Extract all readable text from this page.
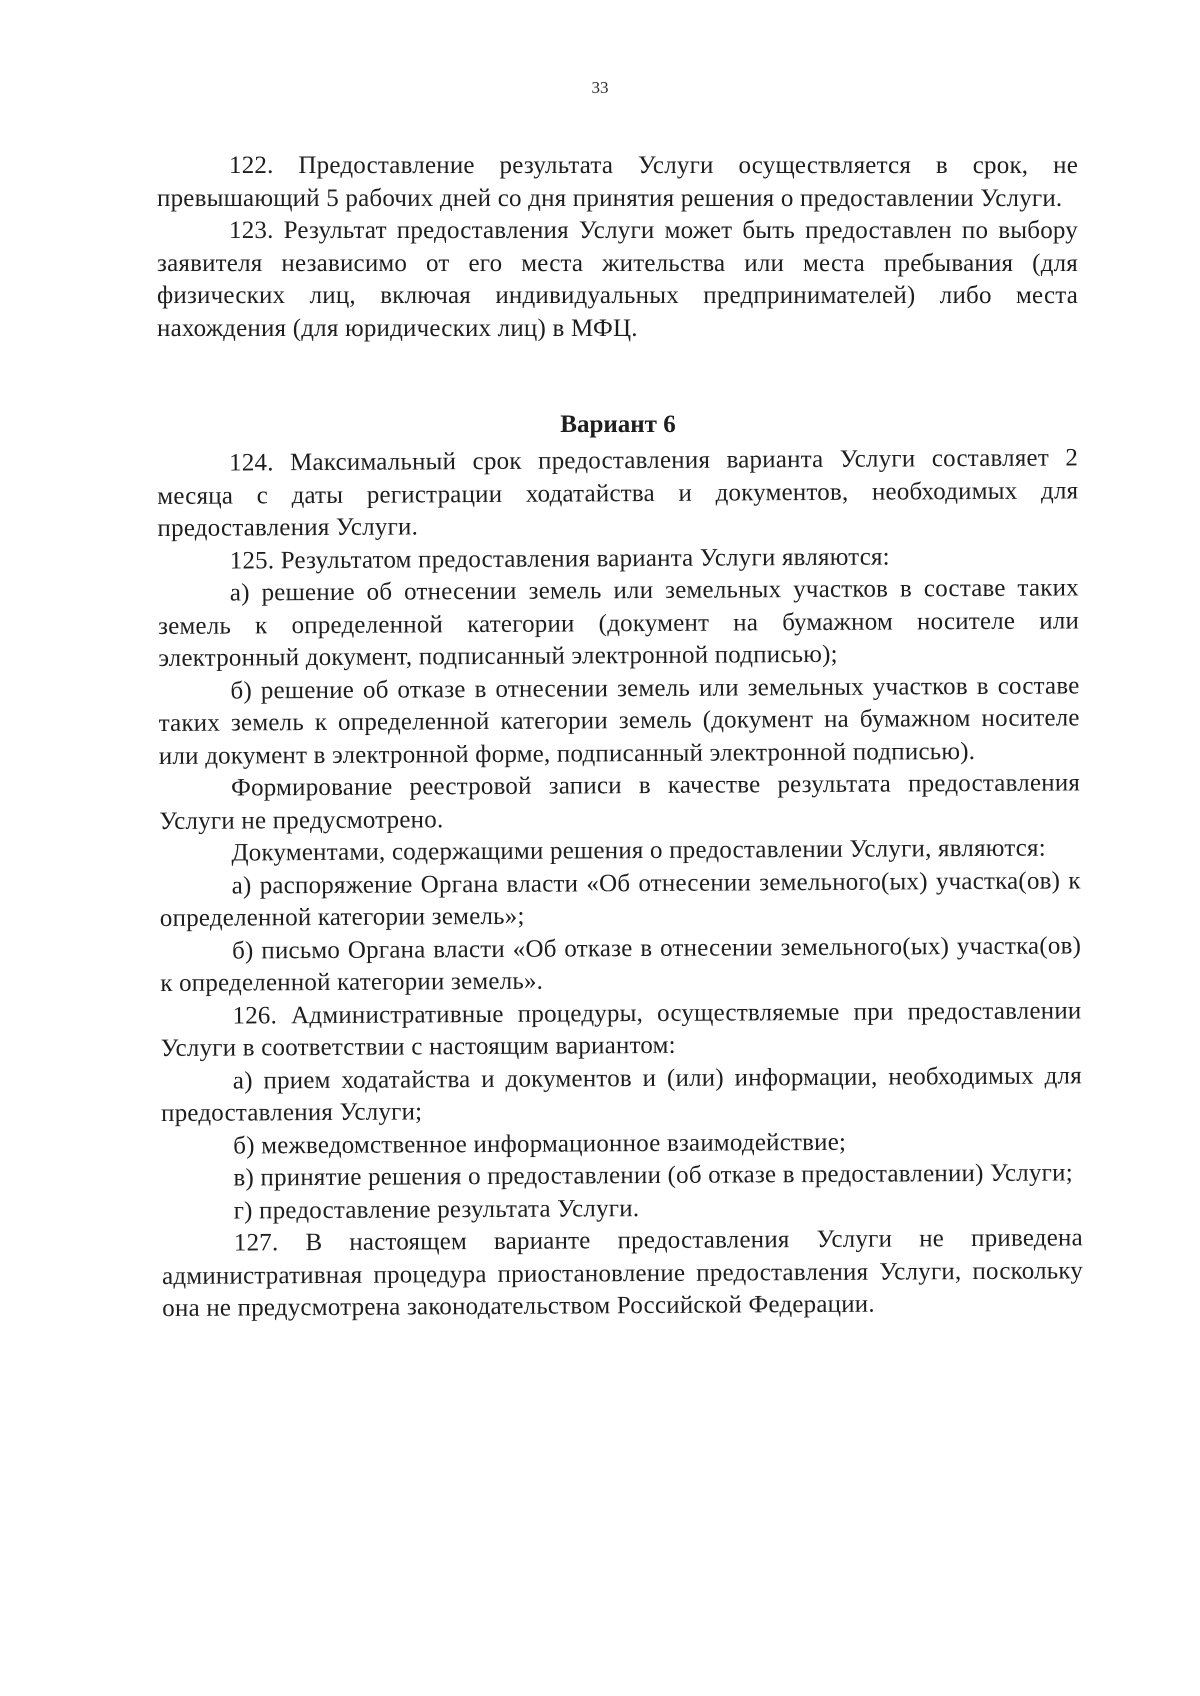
33

122. Предоставление результата Услуги осуществляется в срок, не превышающий 5 рабочих дней со дня принятия решения о предоставлении Услуги.

123. Результат предоставления Услуги может быть предоставлен по выбору заявителя независимо от его места жительства или места пребывания (для физических лиц, включая индивидуальных предпринимателей) либо места нахождения (для юридических лиц) в МФЦ.

Вариант 6

124. Максимальный срок предоставления варианта Услуги составляет 2 месяца с даты регистрации ходатайства и документов, необходимых для предоставления Услуги.

125. Результатом предоставления варианта Услуги являются:

а) решение об отнесении земель или земельных участков в составе таких земель к определенной категории (документ на бумажном носителе или электронный документ, подписанный электронной подписью);

б) решение об отказе в отнесении земель или земельных участков в составе таких земель к определенной категории земель (документ на бумажном носителе или документ в электронной форме, подписанный электронной подписью).

Формирование реестровой записи в качестве результата предоставления Услуги не предусмотрено.

Документами, содержащими решения о предоставлении Услуги, являются:

а) распоряжение Органа власти «Об отнесении земельного(ых) участка(ов) к определенной категории земель»;

б) письмо Органа власти «Об отказе в отнесении земельного(ых) участка(ов) к определенной категории земель».

126. Административные процедуры, осуществляемые при предоставлении Услуги в соответствии с настоящим вариантом:

а) прием ходатайства и документов и (или) информации, необходимых для предоставления Услуги;

б) межведомственное информационное взаимодействие;

в) принятие решения о предоставлении (об отказе в предоставлении) Услуги;

г) предоставление результата Услуги.

127. В настоящем варианте предоставления Услуги не приведена административная процедура приостановление предоставления Услуги, поскольку она не предусмотрена законодательством Российской Федерации.
